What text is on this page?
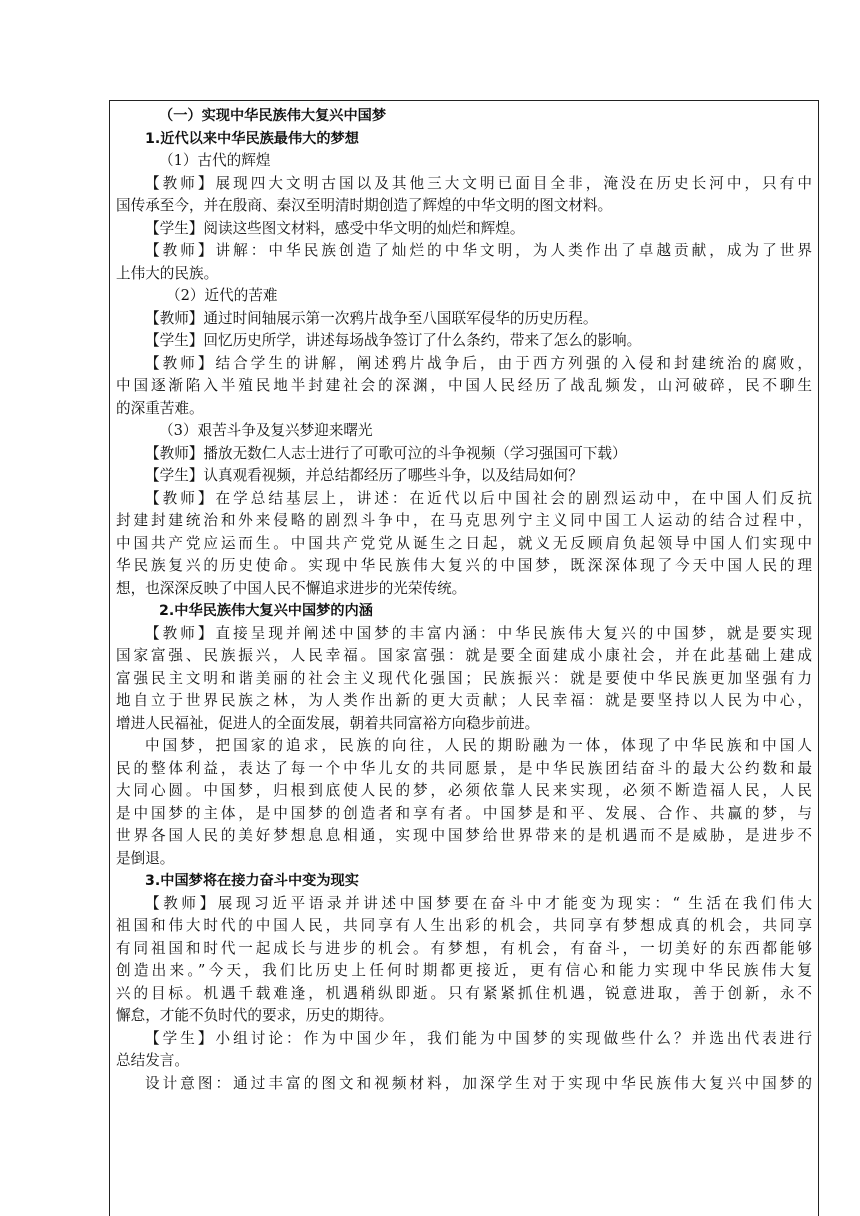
（一）实现中华民族伟大复兴中国梦
1.近代以来中华民族最伟大的梦想
（1）古代的辉煌
【教师】展现四大文明古国以及其他三大文明已面目全非，淹没在历史长河中，只有中
国传承至今，并在殷商、秦汉至明清时期创造了辉煌的中华文明的图文材料。
【学生】阅读这些图文材料，感受中华文明的灿烂和辉煌。
【教师】讲解：中华民族创造了灿烂的中华文明，为人类作出了卓越贡献，成为了世界
上伟大的民族。
（2）近代的苦难
【教师】通过时间轴展示第一次鸦片战争至八国联军侵华的历史历程。
【学生】回忆历史所学，讲述每场战争签订了什么条约，带来了怎么的影响。
【教师】结合学生的讲解，阐述鸦片战争后，由于西方列强的入侵和封建统治的腐败，
中国逐渐陷入半殖民地半封建社会的深渊，中国人民经历了战乱频发，山河破碎，民不聊生
的深重苦难。
（3）艰苦斗争及复兴梦迎来曙光
【教师】播放无数仁人志士进行了可歌可泣的斗争视频（学习强国可下载）
【学生】认真观看视频，并总结都经历了哪些斗争，以及结局如何？
【教师】在学总结基层上，讲述：在近代以后中国社会的剧烈运动中，在中国人们反抗
封建封建统治和外来侵略的剧烈斗争中，在马克思列宁主义同中国工人运动的结合过程中，
中国共产党应运而生。中国共产党党从诞生之日起，就义无反顾肩负起领导中国人们实现中
华民族复兴的历史使命。实现中华民族伟大复兴的中国梦，既深深体现了今天中国人民的理
想，也深深反映了中国人民不懈追求进步的光荣传统。
2.中华民族伟大复兴中国梦的内涵
【教师】直接呈现并阐述中国梦的丰富内涵：中华民族伟大复兴的中国梦，就是要实现
国家富强、民族振兴，人民幸福。国家富强：就是要全面建成小康社会，并在此基础上建成
富强民主文明和谐美丽的社会主义现代化强国；民族振兴：就是要使中华民族更加坚强有力
地自立于世界民族之林，为人类作出新的更大贡献；人民幸福：就是要坚持以人民为中心，
增进人民福祉，促进人的全面发展，朝着共同富裕方向稳步前进。
中国梦，把国家的追求，民族的向往，人民的期盼融为一体，体现了中华民族和中国人
民的整体利益，表达了每一个中华儿女的共同愿景，是中华民族团结奋斗的最大公约数和最
大同心圆。中国梦，归根到底使人民的梦，必须依靠人民来实现，必须不断造福人民，人民
是中国梦的主体，是中国梦的创造者和享有者。中国梦是和平、发展、合作、共赢的梦，与
世界各国人民的美好梦想息息相通，实现中国梦给世界带来的是机遇而不是威胁，是进步不
是倒退。
3.中国梦将在接力奋斗中变为现实
【教师】展现习近平语录并讲述中国梦要在奋斗中才能变为现实：“ 生活在我们伟大
祖国和伟大时代的中国人民，共同享有人生出彩的机会，共同享有梦想成真的机会，共同享
有同祖国和时代一起成长与进步的机会。有梦想，有机会，有奋斗，一切美好的东西都能够
创造出来。”今天，我们比历史上任何时期都更接近，更有信心和能力实现中华民族伟大复
兴的目标。机遇千载难逢，机遇稍纵即逝。只有紧紧抓住机遇，锐意进取，善于创新，永不
懈怠，才能不负时代的要求，历史的期待。
【学生】小组讨论：作为中国少年，我们能为中国梦的实现做些什么？并选出代表进行
总结发言。
设计意图：通过丰富的图文和视频材料，加深学生对于实现中华民族伟大复兴中国梦的
